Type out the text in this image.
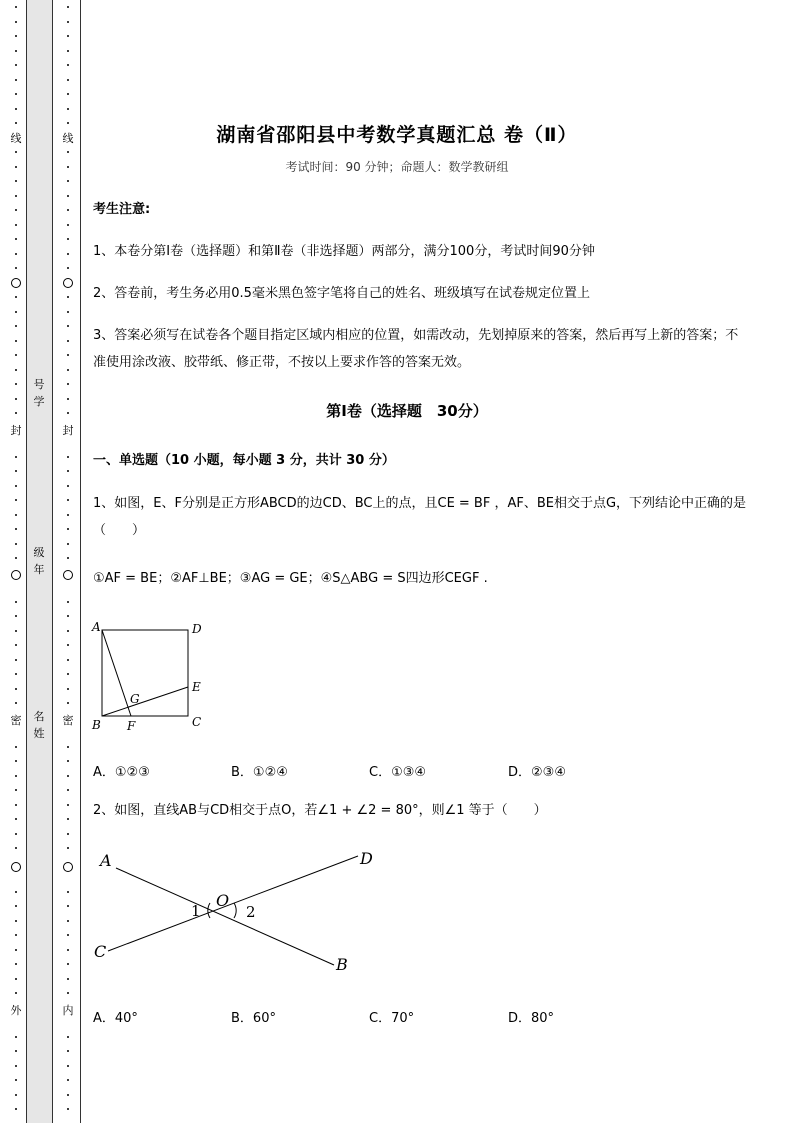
线
封
密
外
线
封
密
内
号
学
级
年
名
姓
湖南省邵阳县中考数学真题汇总 卷（Ⅱ）
考试时间：90 分钟；命题人：数学教研组
考生注意:
1、本卷分第Ⅰ卷（选择题）和第Ⅱ卷（非选择题）两部分，满分100分，考试时间90分钟
2、答卷前，考生务必用0.5毫米黑色签字笔将自己的姓名、班级填写在试卷规定位置上
3、答案必须写在试卷各个题目指定区域内相应的位置，如需改动，先划掉原来的答案，然后再写上新的答案；不准使用涂改液、胶带纸、修正带，不按以上要求作答的答案无效。
第Ⅰ卷（选择题　30分）
一、单选题（10 小题，每小题 3 分，共计 30 分）
1、如图，E、F分别是正方形ABCD的边CD、BC上的点，且CE = BF ，AF、BE相交于点G，下列结论中正确的是（　　）
①AF = BE；②AF⊥BE；③AG = GE；④S△ABG = S四边形CEGF .
A	D
E
C
B F
G
A．①②③	B．①②④	C．①③④	D．②③④
2、如图，直线AB与CD相交于点O，若∠1 + ∠2 = 80°，则∠1 等于（　　）
A	D
C
B
O
1	2
A．40°	B．60°	C．70°	D．80°
